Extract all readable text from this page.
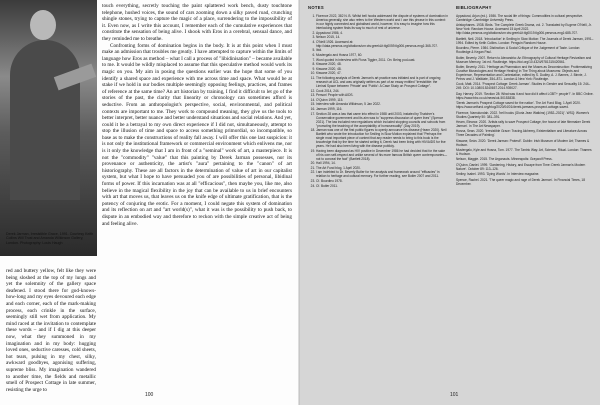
Derek Jarman, Irresistible Grace, 1991. Courtesy Keith Collins Will Trust and Amanda Wilkinson Gallery, London. Photography: Louis Haugh

touch everything, secretly touching the paint splattered work bench, dusty touchtone telephone, hushed voices, the sound of cars zooming down a silky paved road, crunching shingle stones, trying to capture the magic of a place, surrendering to the impossibility of it. Even now, as I write this account, I remember each of the cumulative experiences that constitute the sensation of being alive. I shook with Eros in a cerebral, sensual dance, and they reminded me to breathe.

Confronting forms of domination begins in the body. It is at this point when I must make an admission that troubles me greatly. I have attempted to capture within the limits of language how Eros as method – what I call a process of "libidinisation" – became available to me. It would be wildly misplaced to assume that this speculative method would work its magic on you. My aim in posing the questions earlier was the hope that some of you identify a shared space and experience with me across time and space. What would be at stake if we hold in our bodies multiple seemingly opposing feelings, practices, and frames of reference at the same time? An art historian by training, I find it difficult to let go of the stories of the past, the clarity that linearity or chronology can sometimes afford is seductive. From an anthropologist's perspective, social, environmental, and political contexts are important to me. They work to compound meaning, they give us the tools to better interpret, better nuance and better understand situations and social relations. And yet, could it be a betrayal to my own direct experience if I did not, simultaneously, attempt to stop the illusion of time and space to access something primordial, so incompatible, so base as to make the constructions of reality fall away. I will offer this one last suspicion: it is not only the institutional framework or commercial environment which enlivens me, nor is it only the knowledge that I am in front of a "seminal" work of art, a masterpiece. It is not the "commodity" "value" that this painting by Derek Jarman possesses, nor its provenance or authenticity, the artist's "aura" pertaining to the "canon" of art historiography. These are all factors in the determination of value of art in our capitalist system, but what I hope to have persuaded you of are possibilities of personal, libidinal forms of power. If this incarnation was at all "efficacious", then maybe you, like me, also believe in the magical flexibility in the joy that can be available to us in brief encounters with art that moves us, that leaves us on the knife edge of ultimate gratification, that is the potency of conjuring the erotic. For a moment, I could negate this system of domination and its reflection on art and "art world(s)", what it was is the possibility to push back, to dispute in an embodied way and therefore to reckon with the simple creative act of being and feeling alive.

red and buttery yellow, felt like they were being sloshed at the top of my lungs and yet the solemnity of the gallery space deafened. I stood there for god-knows-how-long and my eyes devoured each edge and each corner, each of the mark-making process, each crinkle in the surface, seemingly still wet from application. My mind raced at the invitation to contemplate these words – and if I dig at this deeper now, what they summoned in my imagination and in my body: hugging loved ones, seductive caresses, cold sheets, hot tears, pulsing in my chest, silky, awkward goodbyes, agonising suffering, supreme bliss. My imagination wandered to another time, the fields and metallic smell of Prospect Cottage in late summer, resisting the urge to

100
NOTES
1. Florence 2022, 382 N. B. Whilst bell hooks addressed the dispute of systems of domination in America generally, she also refers to the Western world and I use this phrase in this context: in our highly connected and globalised world, however, it is easy to imagine how this interlocking system finds its way to much of rest of universe.
2. Appadurai 1986, 4.
3. Nelson 2015, 14.
4. O'Neill 1926. Accessed at: http://data.perseus.org/citations/urn:cts:greekLit:tlg0059.tlg006.perseus-eng1:365-707.
5. Ibid.
6. Mustergalo and Hosna 1977, 60.
7. Word quoted in interview with Fiona Tiggler, 2011. On: Being pod-cast.
8. Kissane 2020, 48.
9. Kissane 2020, 48.
10. Kissane 2020, 47.
11. The following analysis of Derek Jarman's art practice was initiated and is part of ongoing research at UCL and was originally written as part of an essay entitled "Irresistible: the Liminal Space between 'Private' and 'Public': A Case Study on Prospect Cottage".
12. Cook 2014, 244.
13. Person/ People with AIDS.
14. O'Quinn 1999, 115.
15. Interview with Amanda Wilkinson, 5 Jan 2022.
16. Jarman 1999, 116.
17. Section 28 was a law that came into effect in 1988 until 2003, instated by Thatcher's Conservative government and its aim was to "suppress discussion of queer lives" (Spence 2021). The law included new regulations which included stopping councils and schools from "promoting the teaching of the acceptability of homosexuality" (Day 2019).
18. Jarman was one of the first public figures to openly announce his disease (Hearn 2020). Neil Bartlett who wrote the introduction for Smiling in Slow Motion explained that "Perhaps the single most important piece of context that any reader needs to bring to this book is the knowledge that by the time he started writing it, Derek had been living with HIV/AIDS for five years. He had also been living with the disease publicly.
19. Having been diagnosed as HIV positive in December 1986 he had decided that for the sake of his own self-respect and unlike several of his more famous British queer contemporaries—not to conceal the fact" (Bartlett 2018).
20. Hall 1994, 14.
21. The Art Fund blog, 1 April 2020.
22. I am indebted to Dr. Beverly Butler for her analysis and framework around "efficacies" in relation to heritage and cultural memory. For further reading, see Butler 2007 and 2011.
23. Cf. Bourdieu 1978.
24. Cf. Butler 2011.
BIBLIOGRAPHY

Appadurai, Arjun (ed.). 1986. The social life of things: Commodities in cultural perspective. Cambridge: Cambridge University Press.

Aristophanes. 1938. Birds. The Complete Greek Drama, vol. 2. Translated by Eugene O'Neill, Jr. New York: Random House. Accessed 15 April 2022. http://data.perseus.org/citations/urn:cts:greekLit:tlg0019.tlg006.perseus-eng1:685-707.

Bartlett, Neil. 2018. 'Introduction' in Smiling in Slow Motion: The Journals of Derek Jarman, 1991–1994. Edited by Keith Collins. London: Penguin Random House.

Bourdieu, Pierre. 1984. Distinction: A Social Critique of the Judgement of Taste. London: Routledge & Kegan Paul.

Butler, Beverly. 2007. Return to Alexandria: An Ethnography of Cultural Heritage Revivalism and Museum Memory, 1st ed. Routledge. https://doi.org/10.4324/9781315420561.

Butler, Beverly. 2011. 'Heritage as Pharmakon and the Muses as Deconstruction: Problematizing Curative Museologies and Heritage Healing' in The Thing about Museums: Objects and Experience, Representation and Contestation, edited by S. Dudley, A. J. Barnes, J. Binnie, J. Petrov and J. Walklate, 354–871. London & New York: Routledge.

Cook, Matt. 2014. 'Prospect Cottage: Derek Jarman'. Studies in Gender and Sexuality 15: 244–249. DOI: 10.1080/15240657.2014.939027.

Day, Harvey. 2019. 'Section 28: What was it and how did it affect LGBT+ people?'. In BBC Online. https://www.bbc.co.uk/news/uk-50153838.

'Derek Jarman's Prospect Cottage saved for the nation'. The Art Fund Blog, 1 April 2020. https://www.artfund.org/blog/2020/04/01/derek-jarmans-prospect-cottage-saved.

Florence, Namulundah. 2022. 'bell hooks (Gloria Jean Watkins) (1952–2021)'. WSQ: Women's Studies Quarterly 50: 381–391.

Hearn, Eleanor. 2020. 'Artists rally to save Prospect Cottage, the house of late filmmaker Derek Jarman'. In The Art Newspaper.

Hosna, Sean. 2020. 'Irresistible Grace: Tracing Alchemy, Existentialism and Literature Across Three Decades of Painting'.

Kissane, Seán. 2020. 'Derek Jarman: Protest!'. Dublin: Irish Museum of Modern Art; Thames & Hudson.

Mustergalo, Kyle and Hosna, Tom. 1977. The Tantric Way: Art, Science, Ritual. London: Thames & Hudson.

Nelson, Maggie. 2015. The Argonauts. Minneapolis: Graywolf Press.

O'Quinn, Daniel. 1999. 'Gardening, History, and Escape from Time: Derek Jarman's Modern Nature'. October 89: 113–126.

Smiley, Isabel. 1993. 'Dying Words'. In Interview magazine.

Spence, Rachel. 2021. 'The queer magic and rage of Derek Jarman'. In Financial Times, 18 December.

101
